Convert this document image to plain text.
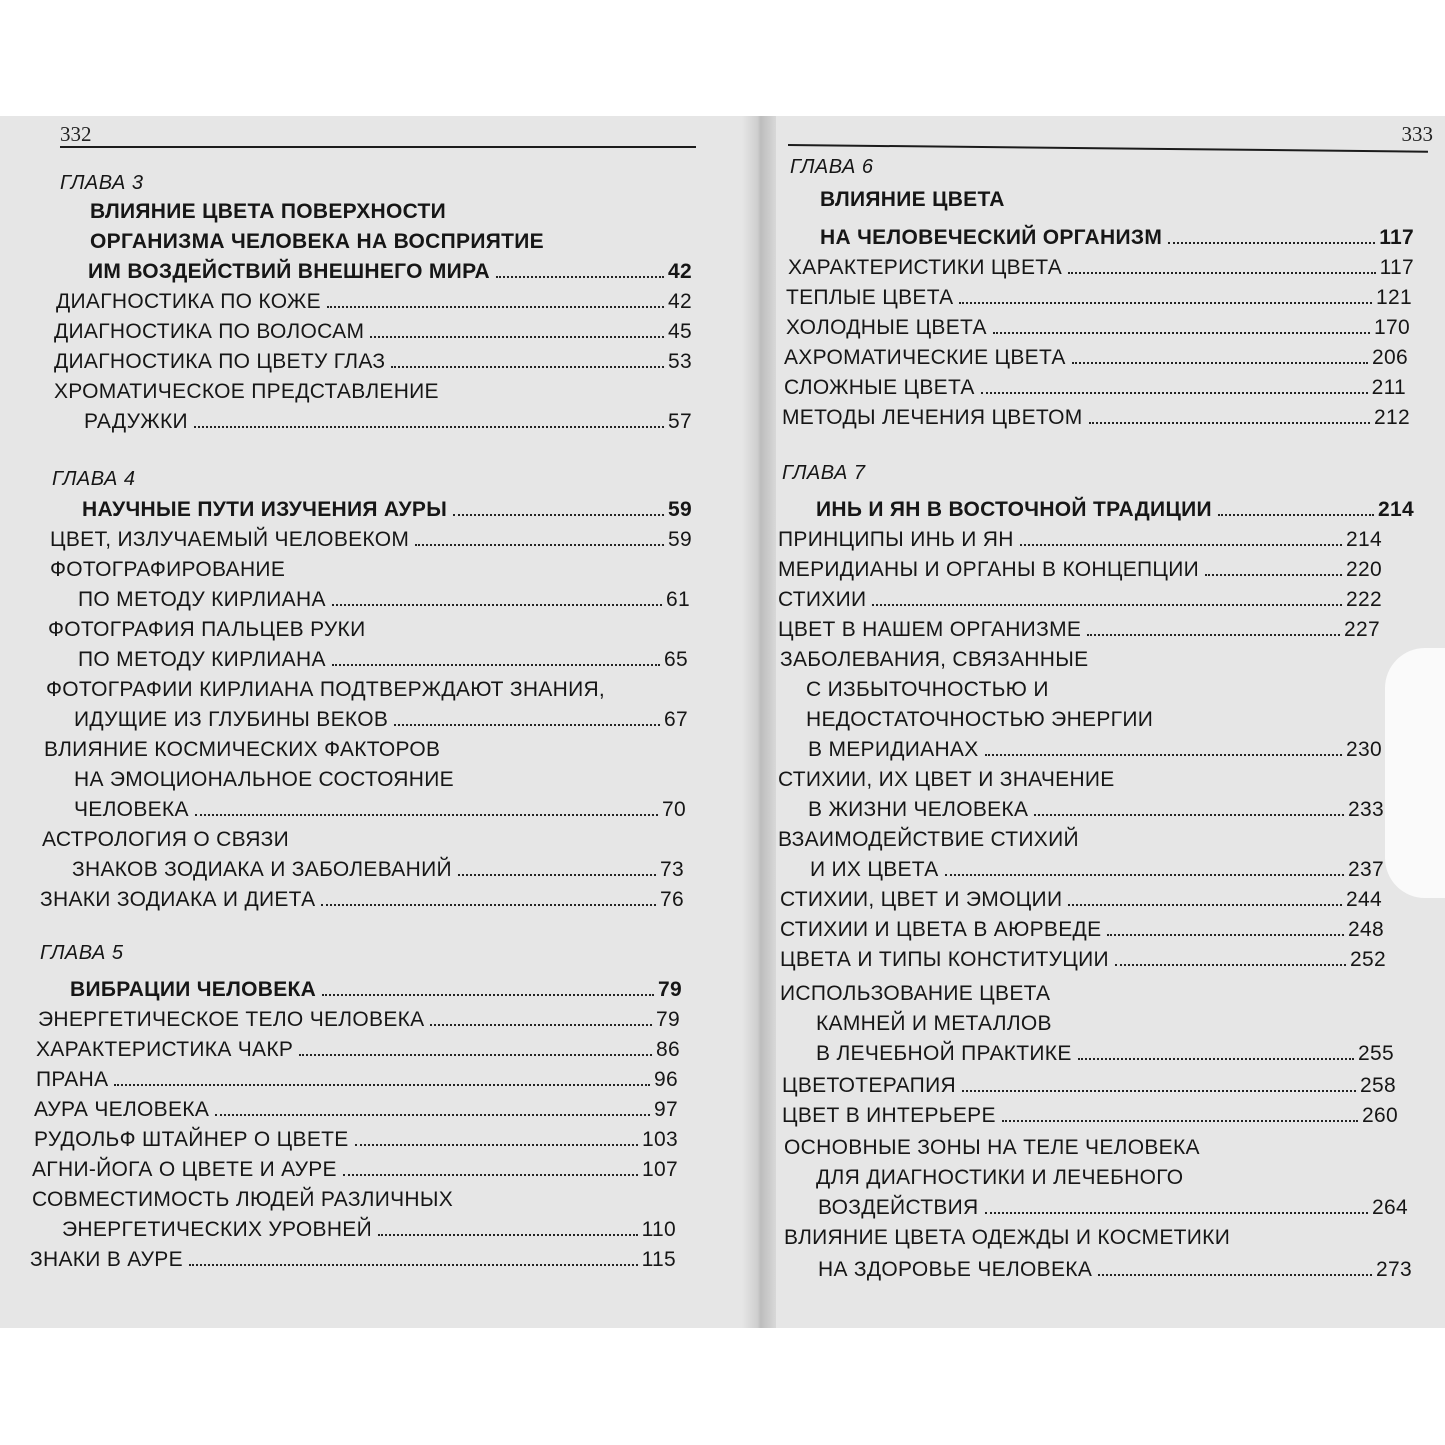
332
ГЛАВА 3
ВЛИЯНИЕ ЦВЕТА ПОВЕРХНОСТИ
ОРГАНИЗМА ЧЕЛОВЕКА НА ВОСПРИЯТИЕ
ИМ ВОЗДЕЙСТВИЙ ВНЕШНЕГО МИРА	42
ДИАГНОСТИКА ПО КОЖЕ	42
ДИАГНОСТИКА ПО ВОЛОСАМ	45
ДИАГНОСТИКА ПО ЦВЕТУ ГЛАЗ	53
ХРОМАТИЧЕСКОЕ ПРЕДСТАВЛЕНИЕ
РАДУЖКИ	57
ГЛАВА 4
НАУЧНЫЕ ПУТИ ИЗУЧЕНИЯ АУРЫ	59
ЦВЕТ, ИЗЛУЧАЕМЫЙ ЧЕЛОВЕКОМ	59
ФОТОГРАФИРОВАНИЕ
ПО МЕТОДУ КИРЛИАНА	61
ФОТОГРАФИЯ ПАЛЬЦЕВ РУКИ
ПО МЕТОДУ КИРЛИАНА	65
ФОТОГРАФИИ КИРЛИАНА ПОДТВЕРЖДАЮТ ЗНАНИЯ,
ИДУЩИЕ ИЗ ГЛУБИНЫ ВЕКОВ	67
ВЛИЯНИЕ КОСМИЧЕСКИХ ФАКТОРОВ
НА ЭМОЦИОНАЛЬНОЕ СОСТОЯНИЕ
ЧЕЛОВЕКА	70
АСТРОЛОГИЯ О СВЯЗИ
ЗНАКОВ ЗОДИАКА И ЗАБОЛЕВАНИЙ	73
ЗНАКИ ЗОДИАКА И ДИЕТА	76
ГЛАВА 5
ВИБРАЦИИ ЧЕЛОВЕКА	79
ЭНЕРГЕТИЧЕСКОЕ ТЕЛО ЧЕЛОВЕКА	79
ХАРАКТЕРИСТИКА ЧАКР	86
ПРАНА	96
АУРА ЧЕЛОВЕКА	97
РУДОЛЬФ ШТАЙНЕР О ЦВЕТЕ	103
АГНИ-ЙОГА О ЦВЕТЕ И АУРЕ	107
СОВМЕСТИМОСТЬ ЛЮДЕЙ РАЗЛИЧНЫХ
ЭНЕРГЕТИЧЕСКИХ УРОВНЕЙ	110
ЗНАКИ В АУРЕ	115
333
ГЛАВА 6
ВЛИЯНИЕ ЦВЕТА
НА ЧЕЛОВЕЧЕСКИЙ ОРГАНИЗМ	117
ХАРАКТЕРИСТИКИ ЦВЕТА	117
ТЕПЛЫЕ ЦВЕТА	121
ХОЛОДНЫЕ ЦВЕТА	170
АХРОМАТИЧЕСКИЕ ЦВЕТА	206
СЛОЖНЫЕ ЦВЕТА	211
МЕТОДЫ ЛЕЧЕНИЯ ЦВЕТОМ	212
ГЛАВА 7
ИНЬ И ЯН В ВОСТОЧНОЙ ТРАДИЦИИ	214
ПРИНЦИПЫ ИНЬ И ЯН	214
МЕРИДИАНЫ И ОРГАНЫ В КОНЦЕПЦИИ	220
СТИХИИ	222
ЦВЕТ В НАШЕМ ОРГАНИЗМЕ	227
ЗАБОЛЕВАНИЯ, СВЯЗАННЫЕ
С ИЗБЫТОЧНОСТЬЮ И
НЕДОСТАТОЧНОСТЬЮ ЭНЕРГИИ
В МЕРИДИАНАХ	230
СТИХИИ, ИХ ЦВЕТ И ЗНАЧЕНИЕ
В ЖИЗНИ ЧЕЛОВЕКА	233
ВЗАИМОДЕЙСТВИЕ СТИХИЙ
И ИХ ЦВЕТА	237
СТИХИИ, ЦВЕТ И ЭМОЦИИ	244
СТИХИИ И ЦВЕТА В АЮРВЕДЕ	248
ЦВЕТА И ТИПЫ КОНСТИТУЦИИ	252
ИСПОЛЬЗОВАНИЕ ЦВЕТА
КАМНЕЙ И МЕТАЛЛОВ
В ЛЕЧЕБНОЙ ПРАКТИКЕ	255
ЦВЕТОТЕРАПИЯ	258
ЦВЕТ В ИНТЕРЬЕРЕ	260
ОСНОВНЫЕ ЗОНЫ НА ТЕЛЕ ЧЕЛОВЕКА
ДЛЯ ДИАГНОСТИКИ И ЛЕЧЕБНОГО
ВОЗДЕЙСТВИЯ	264
ВЛИЯНИЕ ЦВЕТА ОДЕЖДЫ И КОСМЕТИКИ
НА ЗДОРОВЬЕ ЧЕЛОВЕКА	273
